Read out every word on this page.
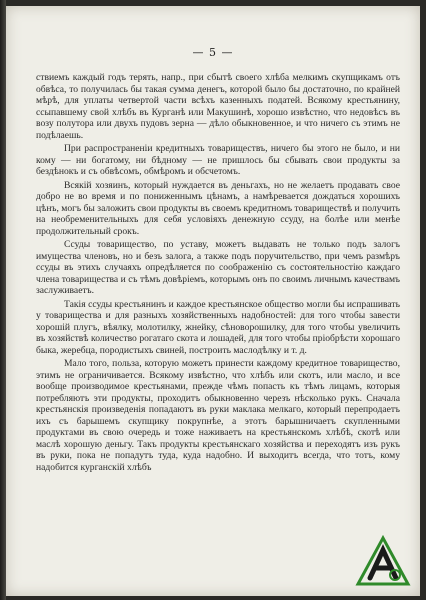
— 5 —

ствиемъ каждый годъ терять, напр., при сбытѣ своего хлѣба мелкимъ скупщикамъ отъ обвѣса, то получилась бы такая сумма денегъ, которой было бы достаточно, по крайней мѣрѣ, для уплаты четвертой части всѣхъ казенныхъ податей. Всякому крестьянину, ссыпавшему свой хлѣбъ въ Курганѣ или Макушинѣ, хорошо извѣстно, что недовѣсъ въ возу полутора или двухъ пудовъ зерна — дѣло обыкновенное, и что ничего съ этимъ не подѣлаешь.

При распространеніи кредитныхъ товариществъ, ничего бы этого не было, и ни кому — ни богатому, ни бѣдному — не пришлось бы сбывать свои продукты за бездѣнокъ и съ обвѣсомъ, обмѣромъ и обсчетомъ.

Всякій хозяинъ, который нуждается въ деньгахъ, но не желаетъ продавать свое добро не во время и по пониженнымъ цѣнамъ, а намѣревается дождаться хорошихъ цѣнъ, могъ бы заложить свои продукты въ своемъ кредитномъ товариществѣ и получить на необременительныхъ для себя условіяхъ денежную ссуду, на болѣе или менѣе продолжительный срокъ.

Ссуды товарищество, по уставу, можетъ выдавать не только подъ залогъ имущества членовъ, но и безъ залога, а также подъ поручительство, при чемъ размѣръ ссуды въ этихъ случаяхъ опредѣляется по соображенію съ состоятельностію каждаго члена товарищества и съ тѣмъ довѣріемъ, которымъ онъ по своимъ личнымъ качествамъ заслуживаетъ.

Такія ссуды крестьянинъ и каждое крестьянское общество могли бы испрашивать у товарищества и для разныхъ хозяйственныхъ надобностей: для того чтобы завести хорошій плугъ, вѣялку, молотилку, жнейку, сѣноворошилку, для того чтобы увеличить въ хозяйствѣ количество рогатаго скота и лошадей, для того чтобы пріобрѣсти хорошаго быка, жеребца, породистыхъ свиней, построить маслодѣлку и т. д.

Мало того, польза, которую можетъ принести каждому кредитное товарищество, этимъ не ограничивается. Всякому извѣстно, что хлѣбъ или скотъ, или масло, и все вообще производимое крестьянами, прежде чѣмъ попасть къ тѣмъ лицамъ, которыя потребляютъ эти продукты, проходитъ обыкновенно черезъ нѣсколько рукъ. Сначала крестьянскія произведенія попадаютъ въ руки маклака мелкаго, который перепродаетъ ихъ съ барышемъ скупщику покрупнѣе, а этотъ барышничаетъ скупленными продуктами въ свою очередь и тоже наживаетъ на крестьянскомъ хлѣбѣ, скотѣ или маслѣ хорошую деньгу. Такъ продукты крестьянскаго хозяйства и переходятъ изъ рукъ въ руки, пока не попадутъ туда, куда надобно. И выходитъ всегда, что тотъ, кому надобится курганскій хлѣбъ
